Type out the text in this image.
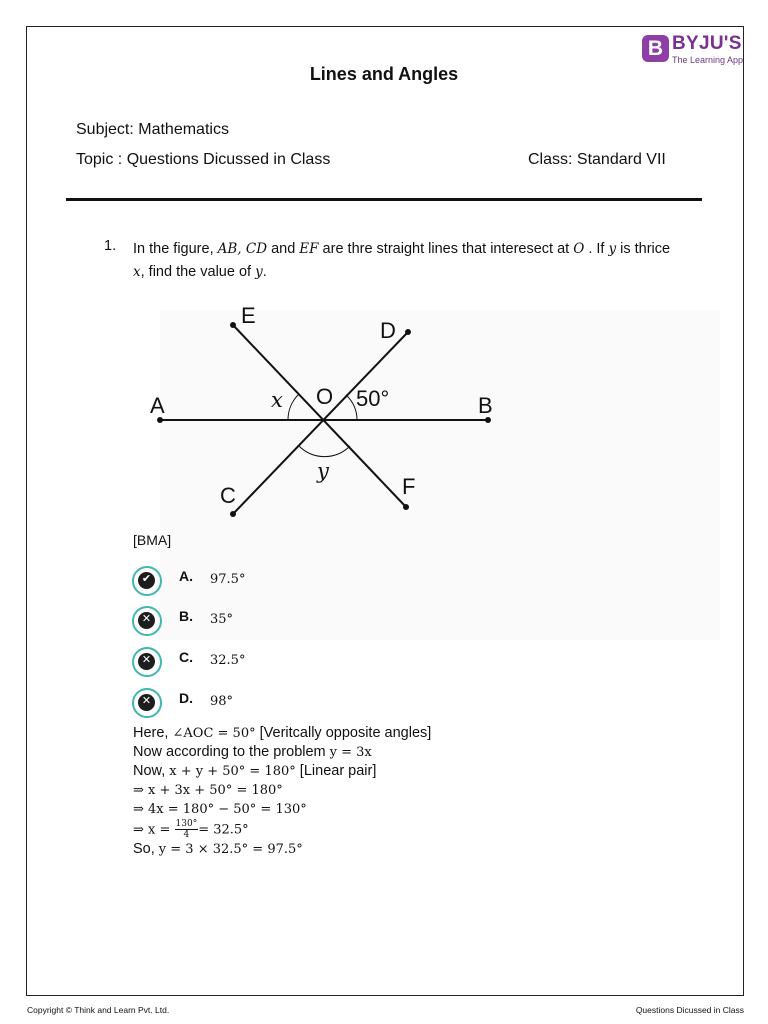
B BYJU'S
The Learning App
Lines and Angles
Subject: Mathematics
Topic : Questions Dicussed in Class	Class: Standard VII
1. In the figure, AB, CD and EF are thre straight lines that interesect at O . If y is thrice
x, find the value of y.
A	B
C
D
E
F
O 50°
x
y
[BMA]
✔ A. 97.5°
✕ B. 35°
✕ C. 32.5°
✕ D. 98°
Here, ∠AOC = 50° [Veritcally opposite angles]
Now according to the problem y = 3x
Now, x + y + 50° = 180° [Linear pair]
⇒ x + 3x + 50° = 180°
⇒ 4x = 180° − 50° = 130°
⇒ $x = \frac{130^\circ}{4} = 32.5^\circ$
So, y = 3 × 32.5° = 97.5°
Copyright © Think and Learn Pvt. Ltd.	Questions Dicussed in Class
